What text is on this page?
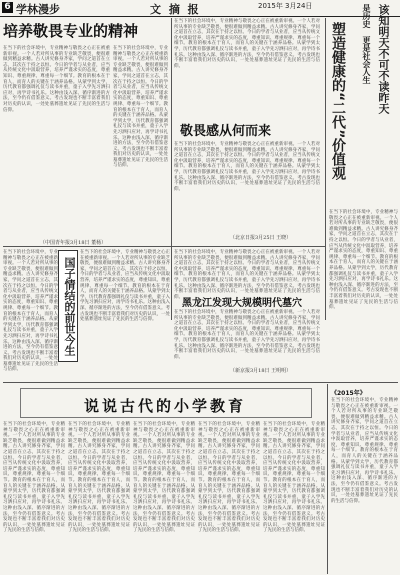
6 学林漫步	文 摘 报	2015年 3月24日
培养敬畏专业的精神
在当下的社会环境中，专业精神与敬畏之心正在被重新审视。一个人若对所从事的专业缺乏敬畏，便很难做到精益求精。古人讲究修身齐家，学问之道首在立志，其次在于持之以恒。今日的学者与从业者，应当从传统文化中汲取营养，培养严谨求实的态度，尊重知识、尊重规律、尊重每一个细节。教育的根本在于育人，而育人的关键在于涵养品格。从蒙学到太学，历代教育都强调礼仪与读书并重，童子入学先习洒扫应对，再学诗书礼乐。这种由浅入深、循序渐进的方法，至今仍有借鉴意义。考古发现也不断丰富着我们对历史的认识，一处处墓葬遗址见证了先民的生活与信仰。
在当下的社会环境中，专业精神与敬畏之心正在被重新审视。一个人若对所从事的专业缺乏敬畏，便很难做到精益求精。古人讲究修身齐家，学问之道首在立志，其次在于持之以恒。今日的学者与从业者，应当从传统文化中汲取营养，培养严谨求实的态度，尊重知识、尊重规律、尊重每一个细节。教育的根本在于育人，而育人的关键在于涵养品格。从蒙学到太学，历代教育都强调礼仪与读书并重，童子入学先习洒扫应对，再学诗书礼乐。这种由浅入深、循序渐进的方法，至今仍有借鉴意义。考古发现也不断丰富着我们对历史的认识，一处处墓葬遗址见证了先民的生活与信仰。
（中国青年报3月18日 董杨）
在当下的社会环境中，专业精神与敬畏之心正在被重新审视。一个人若对所从事的专业缺乏敬畏，便很难做到精益求精。古人讲究修身齐家，学问之道首在立志，其次在于持之以恒。今日的学者与从业者，应当从传统文化中汲取营养，培养严谨求实的态度，尊重知识、尊重规律、尊重每一个细节。教育的根本在于育人，而育人的关键在于涵养品格。从蒙学到太学，历代教育都强调礼仪与读书并重，童子入学先习洒扫应对，再学诗书礼乐。这种由浅入深、循序渐进的方法，至今仍有借鉴意义。考古发现也不断丰富着我们对历史的认识，一处处墓葬遗址见证了先民的生活与信仰。	塑造健康的“二代”价值观
敬畏感从何而来
在当下的社会环境中，专业精神与敬畏之心正在被重新审视。一个人若对所从事的专业缺乏敬畏，便很难做到精益求精。古人讲究修身齐家，学问之道首在立志，其次在于持之以恒。今日的学者与从业者，应当从传统文化中汲取营养，培养严谨求实的态度，尊重知识、尊重规律、尊重每一个细节。教育的根本在于育人，而育人的关键在于涵养品格。从蒙学到太学，历代教育都强调礼仪与读书并重，童子入学先习洒扫应对，再学诗书礼乐。这种由浅入深、循序渐进的方法，至今仍有借鉴意义。考古发现也不断丰富着我们对历史的认识，一处处墓葬遗址见证了先民的生活与信仰。
（北京日报3月25日 王晓）
在当下的社会环境中，专业精神与敬畏之心正在被重新审视。一个人若对所从事的专业缺乏敬畏，便很难做到精益求精。古人讲究修身齐家，学问之道首在立志，其次在于持之以恒。今日的学者与从业者，应当从传统文化中汲取营养，培养严谨求实的态度，尊重知识、尊重规律、尊重每一个细节。教育的根本在于育人，而育人的关键在于涵养品格。从蒙学到太学，历代教育都强调礼仪与读书并重，童子入学先习洒扫应对，再学诗书礼乐。这种由浅入深、循序渐进的方法，至今仍有借鉴意义。考古发现也不断丰富着我们对历史的认识，一处处墓葬遗址见证了先民的生活与信仰。
国子情结的前世今生
在当下的社会环境中，专业精神与敬畏之心正在被重新审视。一个人若对所从事的专业缺乏敬畏，便很难做到精益求精。古人讲究修身齐家，学问之道首在立志，其次在于持之以恒。今日的学者与从业者，应当从传统文化中汲取营养，培养严谨求实的态度，尊重知识、尊重规律、尊重每一个细节。教育的根本在于育人，而育人的关键在于涵养品格。从蒙学到太学，历代教育都强调礼仪与读书并重，童子入学先习洒扫应对，再学诗书礼乐。这种由浅入深、循序渐进的方法，至今仍有借鉴意义。考古发现也不断丰富着我们对历史的认识，一处处墓葬遗址见证了先民的生活与信仰。
在当下的社会环境中，专业精神与敬畏之心正在被重新审视。一个人若对所从事的专业缺乏敬畏，便很难做到精益求精。古人讲究修身齐家，学问之道首在立志，其次在于持之以恒。今日的学者与从业者，应当从传统文化中汲取营养，培养严谨求实的态度，尊重知识、尊重规律、尊重每一个细节。教育的根本在于育人，而育人的关键在于涵养品格。从蒙学到太学，历代教育都强调礼仪与读书并重，童子入学先习洒扫应对，再学诗书礼乐。这种由浅入深、循序渐进的方法，至今仍有借鉴意义。考古发现也不断丰富着我们对历史的认识，一处处墓葬遗址见证了先民的生活与信仰。
黑龙江发现大规模明代墓穴
在当下的社会环境中，专业精神与敬畏之心正在被重新审视。一个人若对所从事的专业缺乏敬畏，便很难做到精益求精。古人讲究修身齐家，学问之道首在立志，其次在于持之以恒。今日的学者与从业者，应当从传统文化中汲取营养，培养严谨求实的态度，尊重知识、尊重规律、尊重每一个细节。教育的根本在于育人，而育人的关键在于涵养品格。从蒙学到太学，历代教育都强调礼仪与读书并重，童子入学先习洒扫应对，再学诗书礼乐。这种由浅入深、循序渐进的方法，至今仍有借鉴意义。考古发现也不断丰富着我们对历史的认识，一处处墓葬遗址见证了先民的生活与信仰。
（新京报3月18日 王明明）
该知明天不可不读昨天
是历史　更是社会人生
在当下的社会环境中，专业精神与敬畏之心正在被重新审视。一个人若对所从事的专业缺乏敬畏，便很难做到精益求精。古人讲究修身齐家，学问之道首在立志，其次在于持之以恒。今日的学者与从业者，应当从传统文化中汲取营养，培养严谨求实的态度，尊重知识、尊重规律、尊重每一个细节。教育的根本在于育人，而育人的关键在于涵养品格。从蒙学到太学，历代教育都强调礼仪与读书并重，童子入学先习洒扫应对，再学诗书礼乐。这种由浅入深、循序渐进的方法，至今仍有借鉴意义。考古发现也不断丰富着我们对历史的认识，一处处墓葬遗址见证了先民的生活与信仰。
说说古代的小学教育
在当下的社会环境中，专业精神与敬畏之心正在被重新审视。一个人若对所从事的专业缺乏敬畏，便很难做到精益求精。古人讲究修身齐家，学问之道首在立志，其次在于持之以恒。今日的学者与从业者，应当从传统文化中汲取营养，培养严谨求实的态度，尊重知识、尊重规律、尊重每一个细节。教育的根本在于育人，而育人的关键在于涵养品格。从蒙学到太学，历代教育都强调礼仪与读书并重，童子入学先习洒扫应对，再学诗书礼乐。这种由浅入深、循序渐进的方法，至今仍有借鉴意义。考古发现也不断丰富着我们对历史的认识，一处处墓葬遗址见证了先民的生活与信仰。
在当下的社会环境中，专业精神与敬畏之心正在被重新审视。一个人若对所从事的专业缺乏敬畏，便很难做到精益求精。古人讲究修身齐家，学问之道首在立志，其次在于持之以恒。今日的学者与从业者，应当从传统文化中汲取营养，培养严谨求实的态度，尊重知识、尊重规律、尊重每一个细节。教育的根本在于育人，而育人的关键在于涵养品格。从蒙学到太学，历代教育都强调礼仪与读书并重，童子入学先习洒扫应对，再学诗书礼乐。这种由浅入深、循序渐进的方法，至今仍有借鉴意义。考古发现也不断丰富着我们对历史的认识，一处处墓葬遗址见证了先民的生活与信仰。
在当下的社会环境中，专业精神与敬畏之心正在被重新审视。一个人若对所从事的专业缺乏敬畏，便很难做到精益求精。古人讲究修身齐家，学问之道首在立志，其次在于持之以恒。今日的学者与从业者，应当从传统文化中汲取营养，培养严谨求实的态度，尊重知识、尊重规律、尊重每一个细节。教育的根本在于育人，而育人的关键在于涵养品格。从蒙学到太学，历代教育都强调礼仪与读书并重，童子入学先习洒扫应对，再学诗书礼乐。这种由浅入深、循序渐进的方法，至今仍有借鉴意义。考古发现也不断丰富着我们对历史的认识，一处处墓葬遗址见证了先民的生活与信仰。
在当下的社会环境中，专业精神与敬畏之心正在被重新审视。一个人若对所从事的专业缺乏敬畏，便很难做到精益求精。古人讲究修身齐家，学问之道首在立志，其次在于持之以恒。今日的学者与从业者，应当从传统文化中汲取营养，培养严谨求实的态度，尊重知识、尊重规律、尊重每一个细节。教育的根本在于育人，而育人的关键在于涵养品格。从蒙学到太学，历代教育都强调礼仪与读书并重，童子入学先习洒扫应对，再学诗书礼乐。这种由浅入深、循序渐进的方法，至今仍有借鉴意义。考古发现也不断丰富着我们对历史的认识，一处处墓葬遗址见证了先民的生活与信仰。
在当下的社会环境中，专业精神与敬畏之心正在被重新审视。一个人若对所从事的专业缺乏敬畏，便很难做到精益求精。古人讲究修身齐家，学问之道首在立志，其次在于持之以恒。今日的学者与从业者，应当从传统文化中汲取营养，培养严谨求实的态度，尊重知识、尊重规律、尊重每一个细节。教育的根本在于育人，而育人的关键在于涵养品格。从蒙学到太学，历代教育都强调礼仪与读书并重，童子入学先习洒扫应对，再学诗书礼乐。这种由浅入深、循序渐进的方法，至今仍有借鉴意义。考古发现也不断丰富着我们对历史的认识，一处处墓葬遗址见证了先民的生活与信仰。
《2015年》
在当下的社会环境中，专业精神与敬畏之心正在被重新审视。一个人若对所从事的专业缺乏敬畏，便很难做到精益求精。古人讲究修身齐家，学问之道首在立志，其次在于持之以恒。今日的学者与从业者，应当从传统文化中汲取营养，培养严谨求实的态度，尊重知识、尊重规律、尊重每一个细节。教育的根本在于育人，而育人的关键在于涵养品格。从蒙学到太学，历代教育都强调礼仪与读书并重，童子入学先习洒扫应对，再学诗书礼乐。这种由浅入深、循序渐进的方法，至今仍有借鉴意义。考古发现也不断丰富着我们对历史的认识，一处处墓葬遗址见证了先民的生活与信仰。
